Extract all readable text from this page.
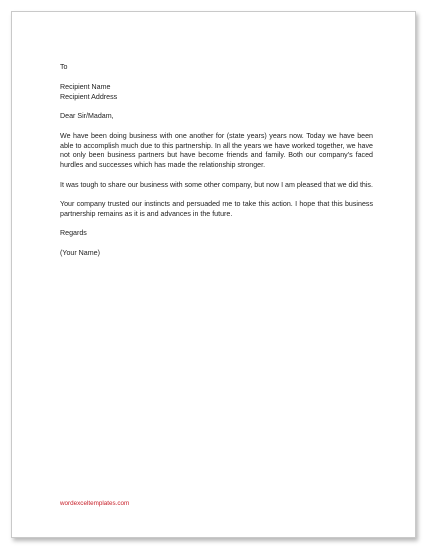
To

Recipient Name

Recipient Address

Dear Sir/Madam,

We have been doing business with one another for (state years) years now. Today we have been able to accomplish much due to this partnership. In all the years we have worked together, we have not only been business partners but have become friends and family. Both our company’s faced hurdles and successes which has made the relationship stronger.

It was tough to share our business with some other company, but now I am pleased that we did this.

Your company trusted our instincts and persuaded me to take this action. I hope that this business partnership remains as it is and advances in the future.

Regards

(Your Name)

wordexceltemplates.com
